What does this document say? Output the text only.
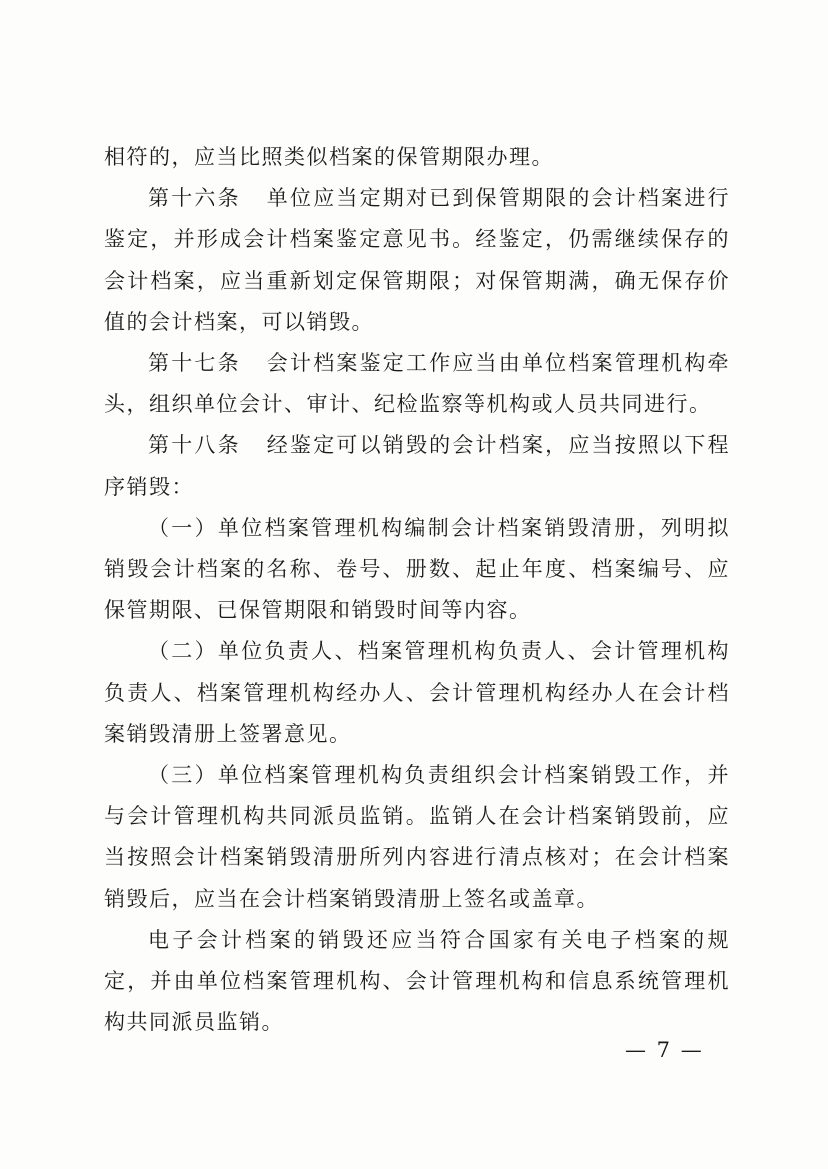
相符的，应当比照类似档案的保管期限办理。

第十六条 单位应当定期对已到保管期限的会计档案进行鉴定，并形成会计档案鉴定意见书。经鉴定，仍需继续保存的会计档案，应当重新划定保管期限；对保管期满，确无保存价值的会计档案，可以销毁。

第十七条 会计档案鉴定工作应当由单位档案管理机构牵头，组织单位会计、审计、纪检监察等机构或人员共同进行。

第十八条 经鉴定可以销毁的会计档案，应当按照以下程序销毁：

（一）单位档案管理机构编制会计档案销毁清册，列明拟销毁会计档案的名称、卷号、册数、起止年度、档案编号、应保管期限、已保管期限和销毁时间等内容。

（二）单位负责人、档案管理机构负责人、会计管理机构负责人、档案管理机构经办人、会计管理机构经办人在会计档案销毁清册上签署意见。

（三）单位档案管理机构负责组织会计档案销毁工作，并与会计管理机构共同派员监销。监销人在会计档案销毁前，应当按照会计档案销毁清册所列内容进行清点核对；在会计档案销毁后，应当在会计档案销毁清册上签名或盖章。

电子会计档案的销毁还应当符合国家有关电子档案的规定，并由单位档案管理机构、会计管理机构和信息系统管理机构共同派员监销。

— 7 —
